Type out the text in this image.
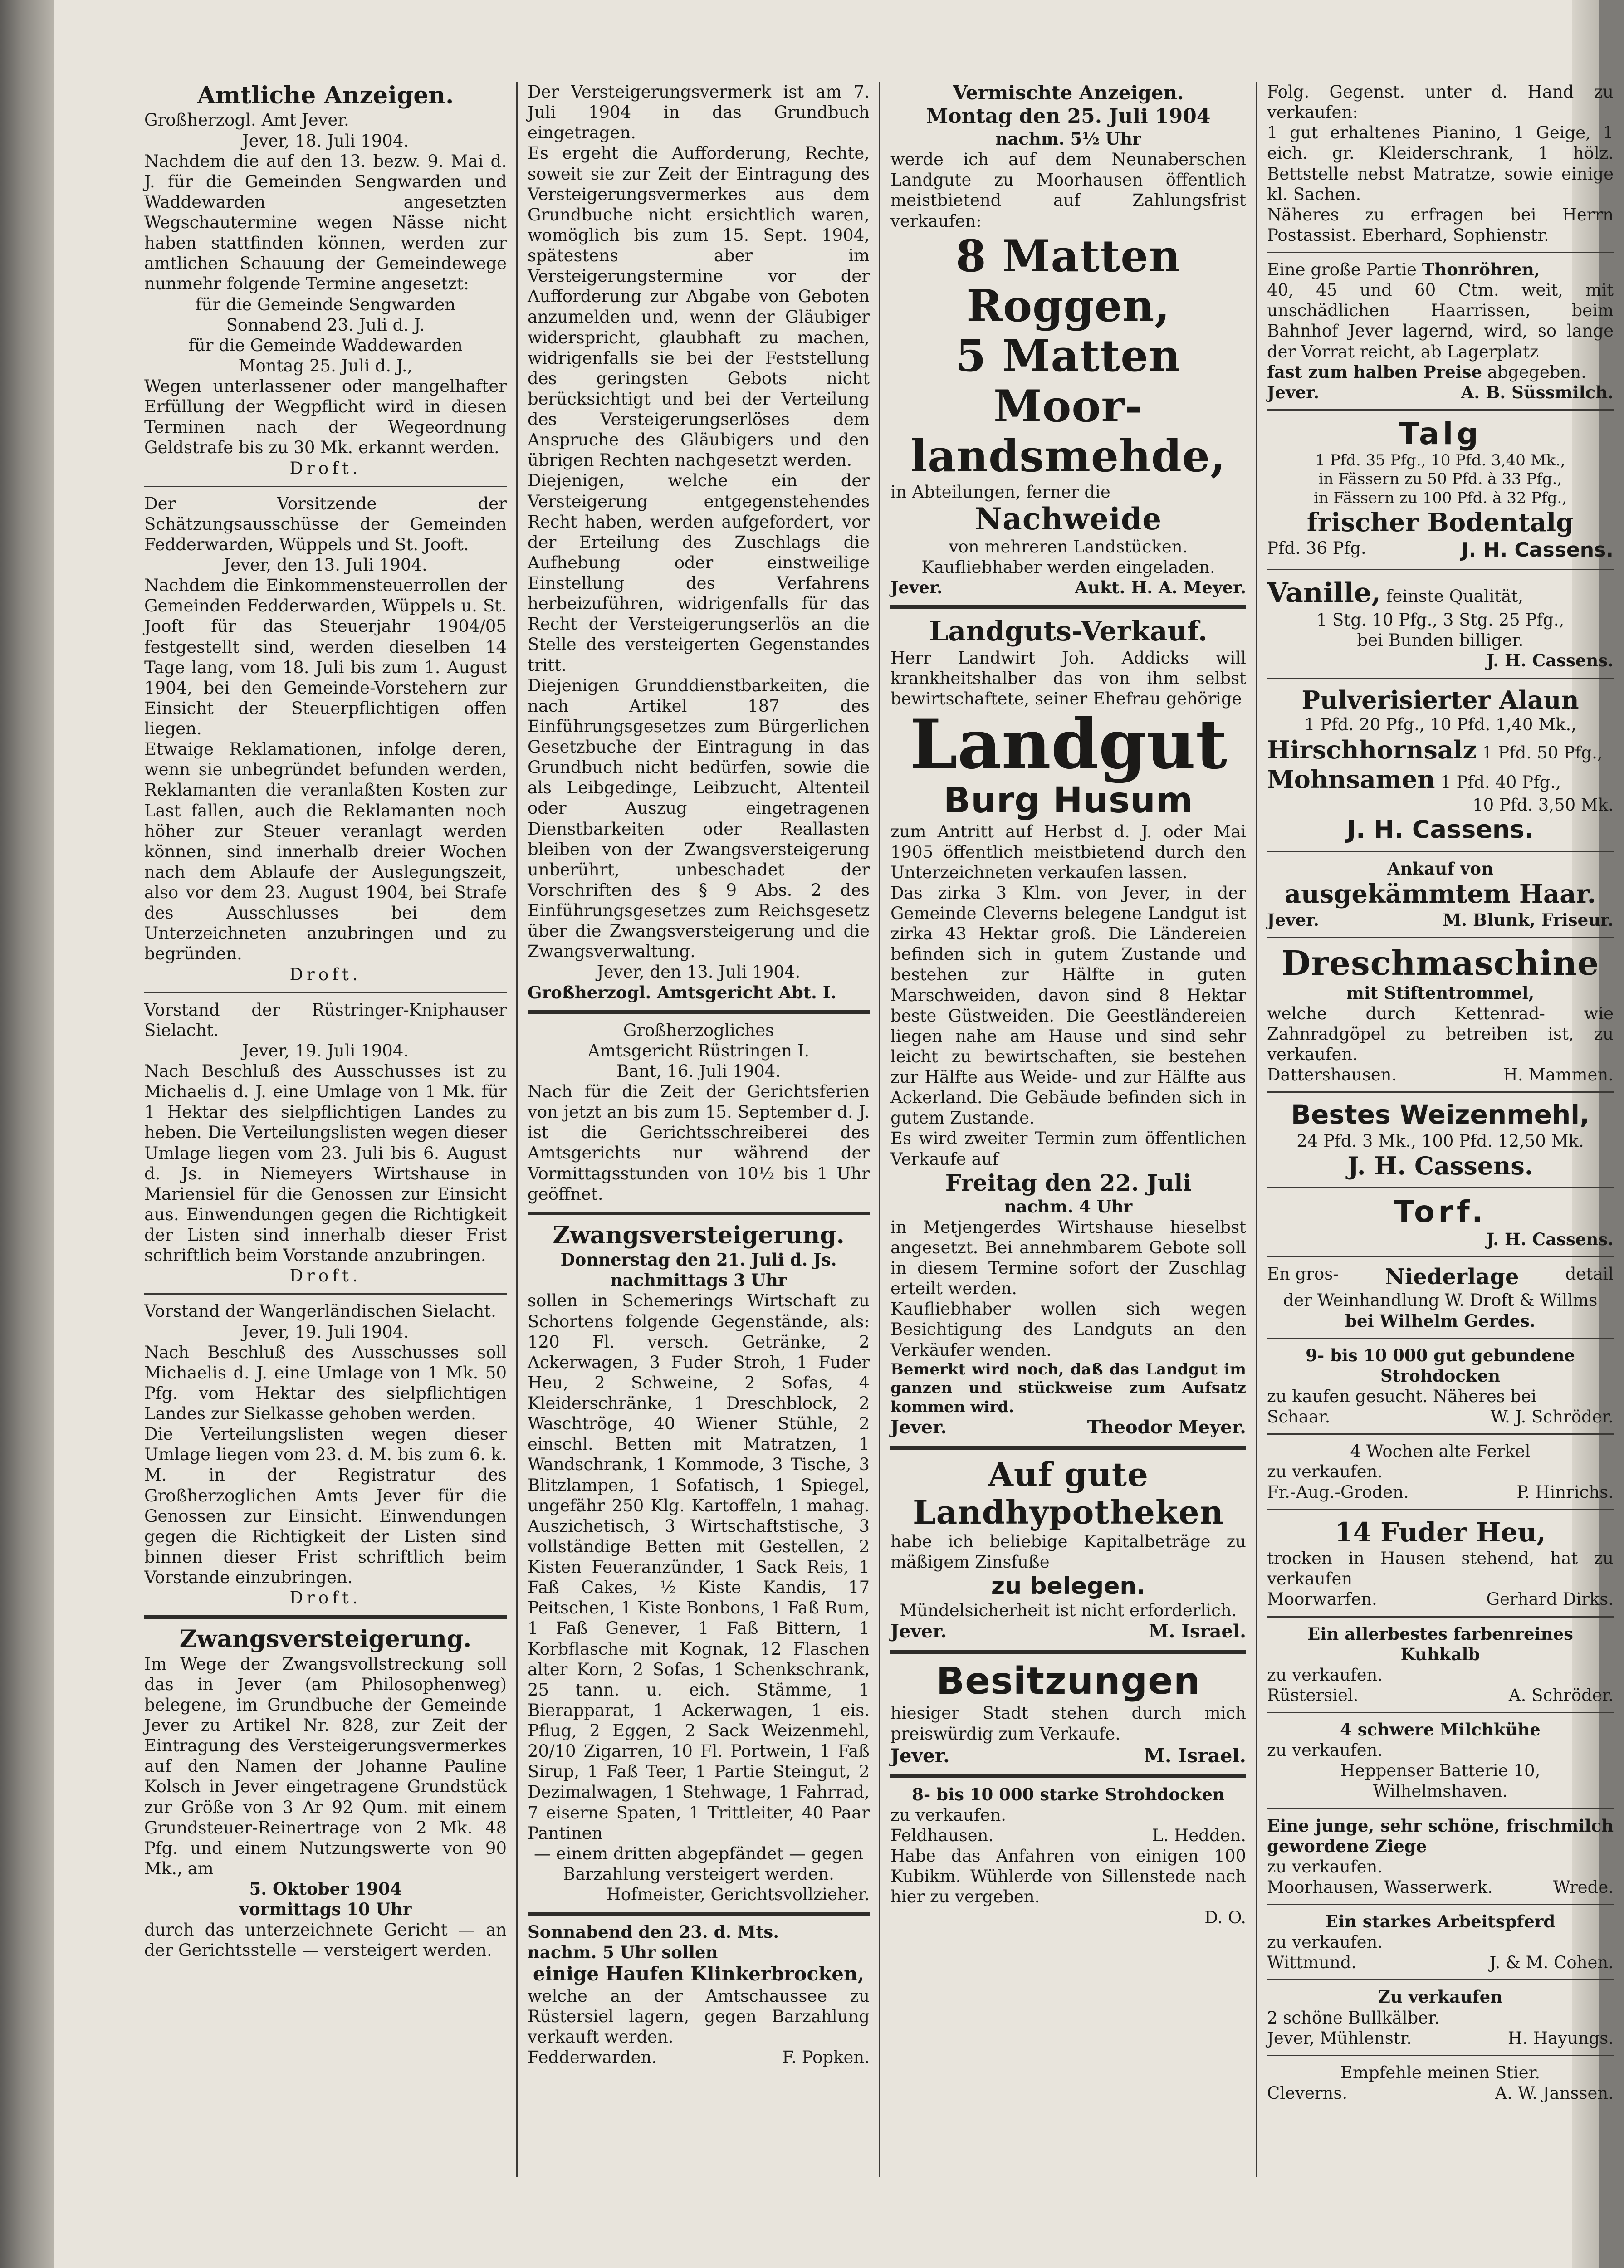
Amtliche Anzeigen.

Großherzogl. Amt Jever.

Jever, 18. Juli 1904.

Nachdem die auf den 13. bezw. 9. Mai d. J. für die Gemeinden Sengwarden und Waddewarden angesetzten Wegschautermine wegen Nässe nicht haben stattfinden können, werden zur amtlichen Schauung der Gemeindewege nunmehr folgende Termine angesetzt:

für die Gemeinde Sengwarden

Sonnabend 23. Juli d. J.

für die Gemeinde Waddewarden

Montag 25. Juli d. J.,

Wegen unterlassener oder mangelhafter Erfüllung der Wegpflicht wird in diesen Terminen nach der Wegeordnung Geldstrafe bis zu 30 Mk. erkannt werden.

Droft.

Der Vorsitzende der Schätzungsausschüsse der Gemeinden Fedderwarden, Wüppels und St. Jooft.

Jever, den 13. Juli 1904.

Nachdem die Einkommensteuerrollen der Gemeinden Fedderwarden, Wüppels u. St. Jooft für das Steuerjahr 1904/05 festgestellt sind, werden dieselben 14 Tage lang, vom 18. Juli bis zum 1. August 1904, bei den Gemeinde-Vorstehern zur Einsicht der Steuerpflichtigen offen liegen.

Etwaige Reklamationen, infolge deren, wenn sie unbegründet befunden werden, Reklamanten die veranlaßten Kosten zur Last fallen, auch die Reklamanten noch höher zur Steuer veranlagt werden können, sind innerhalb dreier Wochen nach dem Ablaufe der Auslegungszeit, also vor dem 23. August 1904, bei Strafe des Ausschlusses bei dem Unterzeichneten anzubringen und zu begründen.

Droft.

Vorstand der Rüstringer-Kniphauser Sielacht.

Jever, 19. Juli 1904.

Nach Beschluß des Ausschusses ist zu Michaelis d. J. eine Umlage von 1 Mk. für 1 Hektar des sielpflichtigen Landes zu heben. Die Verteilungslisten wegen dieser Umlage liegen vom 23. Juli bis 6. August d. Js. in Niemeyers Wirtshause in Mariensiel für die Genossen zur Einsicht aus. Einwendungen gegen die Richtigkeit der Listen sind innerhalb dieser Frist schriftlich beim Vorstande anzubringen.

Droft.

Vorstand der Wangerländischen Sielacht.

Jever, 19. Juli 1904.

Nach Beschluß des Ausschusses soll Michaelis d. J. eine Umlage von 1 Mk. 50 Pfg. vom Hektar des sielpflichtigen Landes zur Sielkasse gehoben werden.

Die Verteilungslisten wegen dieser Umlage liegen vom 23. d. M. bis zum 6. k. M. in der Registratur des Großherzoglichen Amts Jever für die Genossen zur Einsicht. Einwendungen gegen die Richtigkeit der Listen sind binnen dieser Frist schriftlich beim Vorstande einzubringen.

Droft.

Zwangsversteigerung.

Im Wege der Zwangsvollstreckung soll das in Jever (am Philosophenweg) belegene, im Grundbuche der Gemeinde Jever zu Artikel Nr. 828, zur Zeit der Eintragung des Versteigerungsvermerkes auf den Namen der Johanne Pauline Kolsch in Jever eingetragene Grundstück zur Größe von 3 Ar 92 Qum. mit einem Grundsteuer-Reinertrage von 2 Mk. 48 Pfg. und einem Nutzungswerte von 90 Mk., am

5. Oktober 1904

vormittags 10 Uhr

durch das unterzeichnete Gericht — an der Gerichtsstelle — versteigert werden.

Der Versteigerungsvermerk ist am 7. Juli 1904 in das Grundbuch eingetragen.

Es ergeht die Aufforderung, Rechte, soweit sie zur Zeit der Eintragung des Versteigerungsvermerkes aus dem Grundbuche nicht ersichtlich waren, womöglich bis zum 15. Sept. 1904, spätestens aber im Versteigerungstermine vor der Aufforderung zur Abgabe von Geboten anzumelden und, wenn der Gläubiger widerspricht, glaubhaft zu machen, widrigenfalls sie bei der Feststellung des geringsten Gebots nicht berücksichtigt und bei der Verteilung des Versteigerungserlöses dem Anspruche des Gläubigers und den übrigen Rechten nachgesetzt werden.

Diejenigen, welche ein der Versteigerung entgegenstehendes Recht haben, werden aufgefordert, vor der Erteilung des Zuschlags die Aufhebung oder einstweilige Einstellung des Verfahrens herbeizuführen, widrigenfalls für das Recht der Versteigerungserlös an die Stelle des versteigerten Gegenstandes tritt.

Diejenigen Grunddienstbarkeiten, die nach Artikel 187 des Einführungsgesetzes zum Bürgerlichen Gesetzbuche der Eintragung in das Grundbuch nicht bedürfen, sowie die als Leibgedinge, Leibzucht, Altenteil oder Auszug eingetragenen Dienstbarkeiten oder Reallasten bleiben von der Zwangsversteigerung unberührt, unbeschadet der Vorschriften des § 9 Abs. 2 des Einführungsgesetzes zum Reichsgesetz über die Zwangsversteigerung und die Zwangsverwaltung.

Jever, den 13. Juli 1904.

Großherzogl. Amtsgericht Abt. I.

Großherzogliches

Amtsgericht Rüstringen I.

Bant, 16. Juli 1904.

Nach für die Zeit der Gerichtsferien von jetzt an bis zum 15. September d. J. ist die Gerichtsschreiberei des Amtsgerichts nur während der Vormittagsstunden von 10½ bis 1 Uhr geöffnet.

Zwangsversteigerung.

Donnerstag den 21. Juli d. Js.

nachmittags 3 Uhr

sollen in Schemerings Wirtschaft zu Schortens folgende Gegenstände, als: 120 Fl. versch. Getränke, 2 Ackerwagen, 3 Fuder Stroh, 1 Fuder Heu, 2 Schweine, 2 Sofas, 4 Kleiderschränke, 1 Dreschblock, 2 Waschtröge, 40 Wiener Stühle, 2 einschl. Betten mit Matratzen, 1 Wandschrank, 1 Kommode, 3 Tische, 3 Blitzlampen, 1 Sofatisch, 1 Spiegel, ungefähr 250 Klg. Kartoffeln, 1 mahag. Auszichetisch, 3 Wirtschaftstische, 3 vollständige Betten mit Gestellen, 2 Kisten Feueranzünder, 1 Sack Reis, 1 Faß Cakes, ½ Kiste Kandis, 17 Peitschen, 1 Kiste Bonbons, 1 Faß Rum, 1 Faß Genever, 1 Faß Bittern, 1 Korbflasche mit Kognak, 12 Flaschen alter Korn, 2 Sofas, 1 Schenkschrank, 25 tann. u. eich. Stämme, 1 Bierapparat, 1 Ackerwagen, 1 eis. Pflug, 2 Eggen, 2 Sack Weizenmehl, 20/10 Zigarren, 10 Fl. Portwein, 1 Faß Sirup, 1 Faß Teer, 1 Partie Steingut, 2 Dezimalwagen, 1 Stehwage, 1 Fahrrad, 7 eiserne Spaten, 1 Trittleiter, 40 Paar Pantinen

— einem dritten abgepfändet — gegen Barzahlung versteigert werden.

Hofmeister, Gerichtsvollzieher.

Sonnabend den 23. d. Mts.

nachm. 5 Uhr sollen

einige Haufen Klinkerbrocken,

welche an der Amtschaussee zu Rüstersiel lagern, gegen Barzahlung verkauft werden.

Fedderwarden.	F. Popken.
Vermischte Anzeigen.

Montag den 25. Juli 1904

nachm. 5½ Uhr

werde ich auf dem Neunaberschen Landgute zu Moorhausen öffentlich meistbietend auf Zahlungsfrist verkaufen:

8 Matten Roggen,
5 Matten Moor-
landsmehde,

in Abteilungen, ferner die

Nachweide

von mehreren Landstücken.

Kaufliebhaber werden eingeladen.

Jever.	Aukt. H. A. Meyer.
Landguts-Verkauf.

Herr Landwirt Joh. Addicks will krankheitshalber das von ihm selbst bewirtschaftete, seiner Ehefrau gehörige

Landgut
Burg Husum

zum Antritt auf Herbst d. J. oder Mai 1905 öffentlich meistbietend durch den Unterzeichneten verkaufen lassen.

Das zirka 3 Klm. von Jever, in der Gemeinde Cleverns belegene Landgut ist zirka 43 Hektar groß. Die Ländereien befinden sich in gutem Zustande und bestehen zur Hälfte in guten Marschweiden, davon sind 8 Hektar beste Güstweiden. Die Geestländereien liegen nahe am Hause und sind sehr leicht zu bewirtschaften, sie bestehen zur Hälfte aus Weide- und zur Hälfte aus Ackerland. Die Gebäude befinden sich in gutem Zustande.

Es wird zweiter Termin zum öffentlichen Verkaufe auf

Freitag den 22. Juli

nachm. 4 Uhr

in Metjengerdes Wirtshause hieselbst angesetzt. Bei annehmbarem Gebote soll in diesem Termine sofort der Zuschlag erteilt werden.

Kaufliebhaber wollen sich wegen Besichtigung des Landguts an den Verkäufer wenden.

Bemerkt wird noch, daß das Landgut im ganzen und stückweise zum Aufsatz kommen wird.

Jever.	Theodor Meyer.
Auf gute
Landhypotheken

habe ich beliebige Kapitalbeträge zu mäßigem Zinsfuße

zu belegen.

Mündelsicherheit ist nicht erforderlich.

Jever.	M. Israel.
Besitzungen

hiesiger Stadt stehen durch mich preiswürdig zum Verkaufe.

Jever.	M. Israel.

8- bis 10 000 starke Strohdocken

zu verkaufen.

Feldhausen.	L. Hedden.

Habe das Anfahren von einigen 100 Kubikm. Wühlerde von Sillenstede nach hier zu vergeben.

D. O.

Folg. Gegenst. unter d. Hand zu verkaufen:

1 gut erhaltenes Pianino, 1 Geige, 1 eich. gr. Kleiderschrank, 1 hölz. Bettstelle nebst Matratze, sowie einige kl. Sachen.

Näheres zu erfragen bei Herrn Postassist. Eberhard, Sophienstr.

Eine große Partie Thonröhren,

40, 45 und 60 Ctm. weit, mit unschädlichen Haarrissen, beim Bahnhof Jever lagernd, wird, so lange der Vorrat reicht, ab Lagerplatz

fast zum halben Preise abgegeben.

Jever.	A. B. Süssmilch.
Talg

1 Pfd. 35 Pfg., 10 Pfd. 3,40 Mk.,

in Fässern zu 50 Pfd. à 33 Pfg.,

in Fässern zu 100 Pfd. à 32 Pfg.,

frischer Bodentalg
Pfd. 36 Pfg.	J. H. Cassens.

Vanille, feinste Qualität,

1 Stg. 10 Pfg., 3 Stg. 25 Pfg.,

bei Bunden billiger.

J. H. Cassens.

Pulverisierter Alaun

1 Pfd. 20 Pfg., 10 Pfd. 1,40 Mk.,

Hirschhornsalz 1 Pfd. 50 Pfg.,

Mohnsamen 1 Pfd. 40 Pfg.,

10 Pfd. 3,50 Mk.

J. H. Cassens.

Ankauf von

ausgekämmtem Haar.
Jever.	M. Blunk, Friseur.
Dreschmaschine

mit Stiftentrommel,

welche durch Kettenrad- wie Zahnradgöpel zu betreiben ist, zu verkaufen.

Dattershausen.	H. Mammen.
Bestes Weizenmehl,

24 Pfd. 3 Mk., 100 Pfd. 12,50 Mk.

J. H. Cassens.
Torf.

J. H. Cassens.

En gros- Niederlage	detail

der Weinhandlung W. Droft & Willms

bei Wilhelm Gerdes.

9- bis 10 000 gut gebundene Strohdocken

zu kaufen gesucht. Näheres bei

Schaar.	W. J. Schröder.

4 Wochen alte Ferkel

zu verkaufen.

Fr.-Aug.-Groden.	P. Hinrichs.
14 Fuder Heu,

trocken in Hausen stehend, hat zu verkaufen

Moorwarfen.	Gerhard Dirks.

Ein allerbestes farbenreines Kuhkalb

zu verkaufen.

Rüstersiel.	A. Schröder.

4 schwere Milchkühe

zu verkaufen.

Heppenser Batterie 10,

Wilhelmshaven.

Eine junge, sehr schöne, frischmilch gewordene Ziege

zu verkaufen.

Moorhausen, Wasserwerk.	Wrede.

Ein starkes Arbeitspferd

zu verkaufen.

Wittmund.	J. & M. Cohen.

Zu verkaufen

2 schöne Bullkälber.

Jever, Mühlenstr.	H. Hayungs.

Empfehle meinen Stier.

Cleverns.	A. W. Janssen.
